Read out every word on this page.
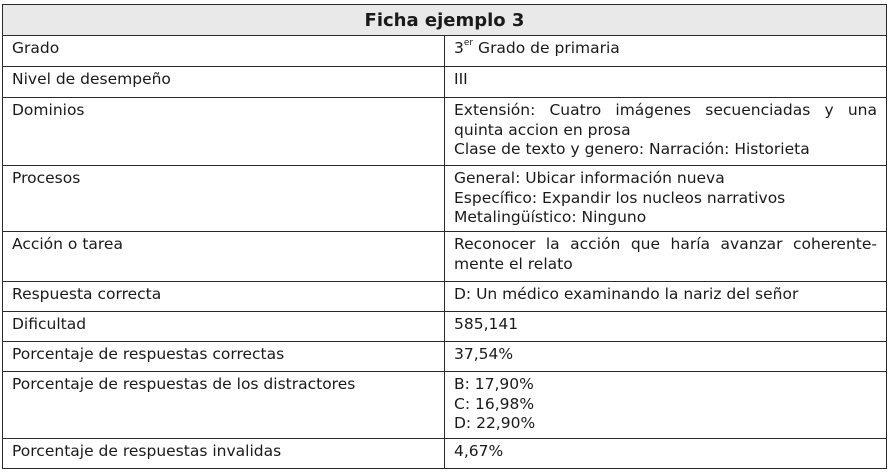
Ficha ejemplo 3	
Grado	3er Grado de primaria
Nivel de desempeño	III
Dominios	Extensión: Cuatro imágenes secuenciadas y una
quinta accion en prosa
Clase de texto y genero: Narración: Historieta

Procesos	General: Ubicar información nueva
Específico: Expandir los nucleos narrativos
Metalingüístico: Ninguno

Acción o tarea	Reconocer la acción que haría avanzar coherente-
mente el relato

Respuesta correcta	D: Un médico examinando la nariz del señor
Dificultad	585,141
Porcentaje de respuestas correctas	37,54%
Porcentaje de respuestas de los distractores	B: 17,90%
C: 16,98%
D: 22,90%

Porcentaje de respuestas invalidas	4,67%
